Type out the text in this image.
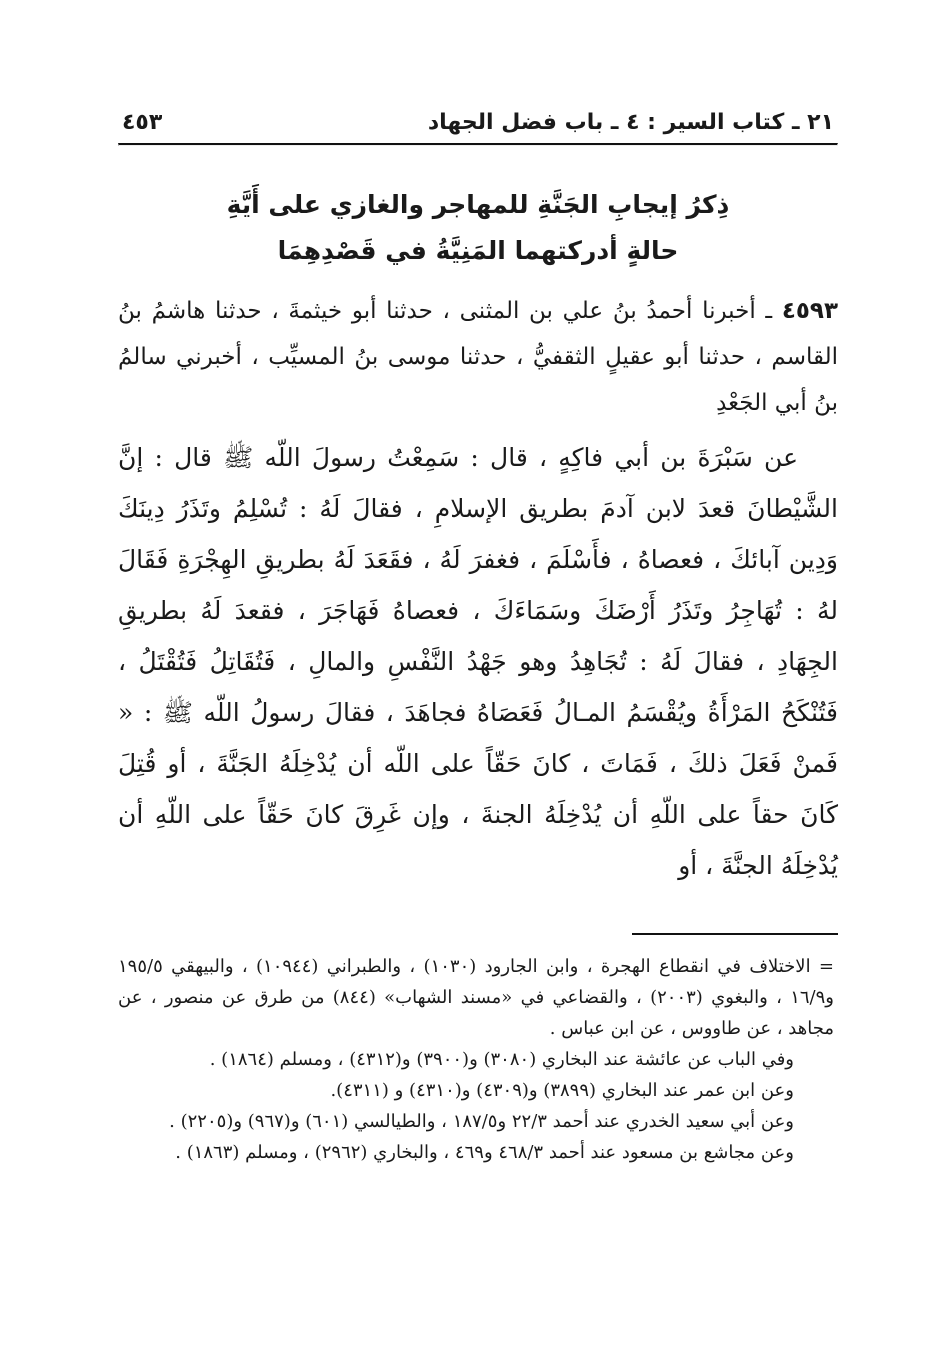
٢١ ـ كتاب السير : ٤ ـ باب فضل الجهاد
٤٥٣
ذِكرُ إيجابِ الجَنَّةِ للمهاجر والغازي على أَيَّةِ
حالةٍ أدركتهما المَنِيَّةُ في قَصْدِهِمَا
٤٥٩٣ ـ أخبرنا أحمدُ بنُ علي بن المثنى ، حدثنا أبو خيثمةَ ، حدثنا هاشمُ بنُ القاسم ، حدثنا أبو عقيلٍ الثقفيُّ ، حدثنا موسى بنُ المسيِّب ، أخبرني سالمُ بنُ أبي الجَعْدِ
عن سَبْرَةَ بن أبي فاكِهٍ ، قال : سَمِعْتُ رسولَ اللّه ﷺ قال : إنَّ الشَّيْطانَ قعدَ لابن آدمَ بطريق الإسلامِ ، فقالَ لَهُ : تُسْلِمُ وتَذَرُ دِينَكَ وَدِين آبائكَ ، فعصاهُ ، فأَسْلَمَ ، فغفرَ لَهُ ، فقَعَدَ لَهُ بطريقِ الهِجْرَةِ فَقَالَ لهُ : تُهَاجِرُ وتَذَرُ أَرْضَكَ وسَمَاءَكَ ، فعصاهُ فَهَاجَرَ ، فقعدَ لَهُ بطريقِ الجِهَادِ ، فقالَ لَهُ : تُجَاهِدُ وهو جَهْدُ النَّفْسِ والمالِ ، فَتُقَاتِلُ فَتُقْتَلُ ، فَتُنْكَحُ المَرْأَةُ ويُقْسَمُ المـالُ فَعَصَاهُ فجاهَدَ ، فقالَ رسولُ اللّه ﷺ : « فَمنْ فَعَلَ ذلكَ ، فَمَاتَ ، كانَ حَقّاً على اللّه أن يُدْخِلَهُ الجَنَّةَ ، أو قُتِلَ كَانَ حقاً على اللّهِ أن يُدْخِلَهُ الجنةَ ، وإن غَرِقَ كانَ حَقّاً على اللّهِ أن يُدْخِلَهُ الجنَّةَ ، أو

= الاختلاف في انقطاع الهجرة ، وابن الجارود (١٠٣٠) ، والطبراني (١٠٩٤٤) ، والبيهقي ١٩٥/٥ و١٦/٩ ، والبغوي (٢٠٠٣) ، والقضاعي في «مسند الشهاب» (٨٤٤) من طرق عن منصور ، عن مجاهد ، عن طاووس ، عن ابن عباس .

وفي الباب عن عائشة عند البخاري (٣٠٨٠) و(٣٩٠٠) و(٤٣١٢) ، ومسلم (١٨٦٤) .

وعن ابن عمر عند البخاري (٣٨٩٩) و(٤٣٠٩) و(٤٣١٠) و (٤٣١١).

وعن أبي سعيد الخدري عند أحمد ٢٢/٣ و١٨٧/٥ ، والطيالسي (٦٠١) و(٩٦٧) و(٢٢٠٥) .

وعن مجاشع بن مسعود عند أحمد ٤٦٨/٣ و٤٦٩ ، والبخاري (٢٩٦٢) ، ومسلم (١٨٦٣) .
